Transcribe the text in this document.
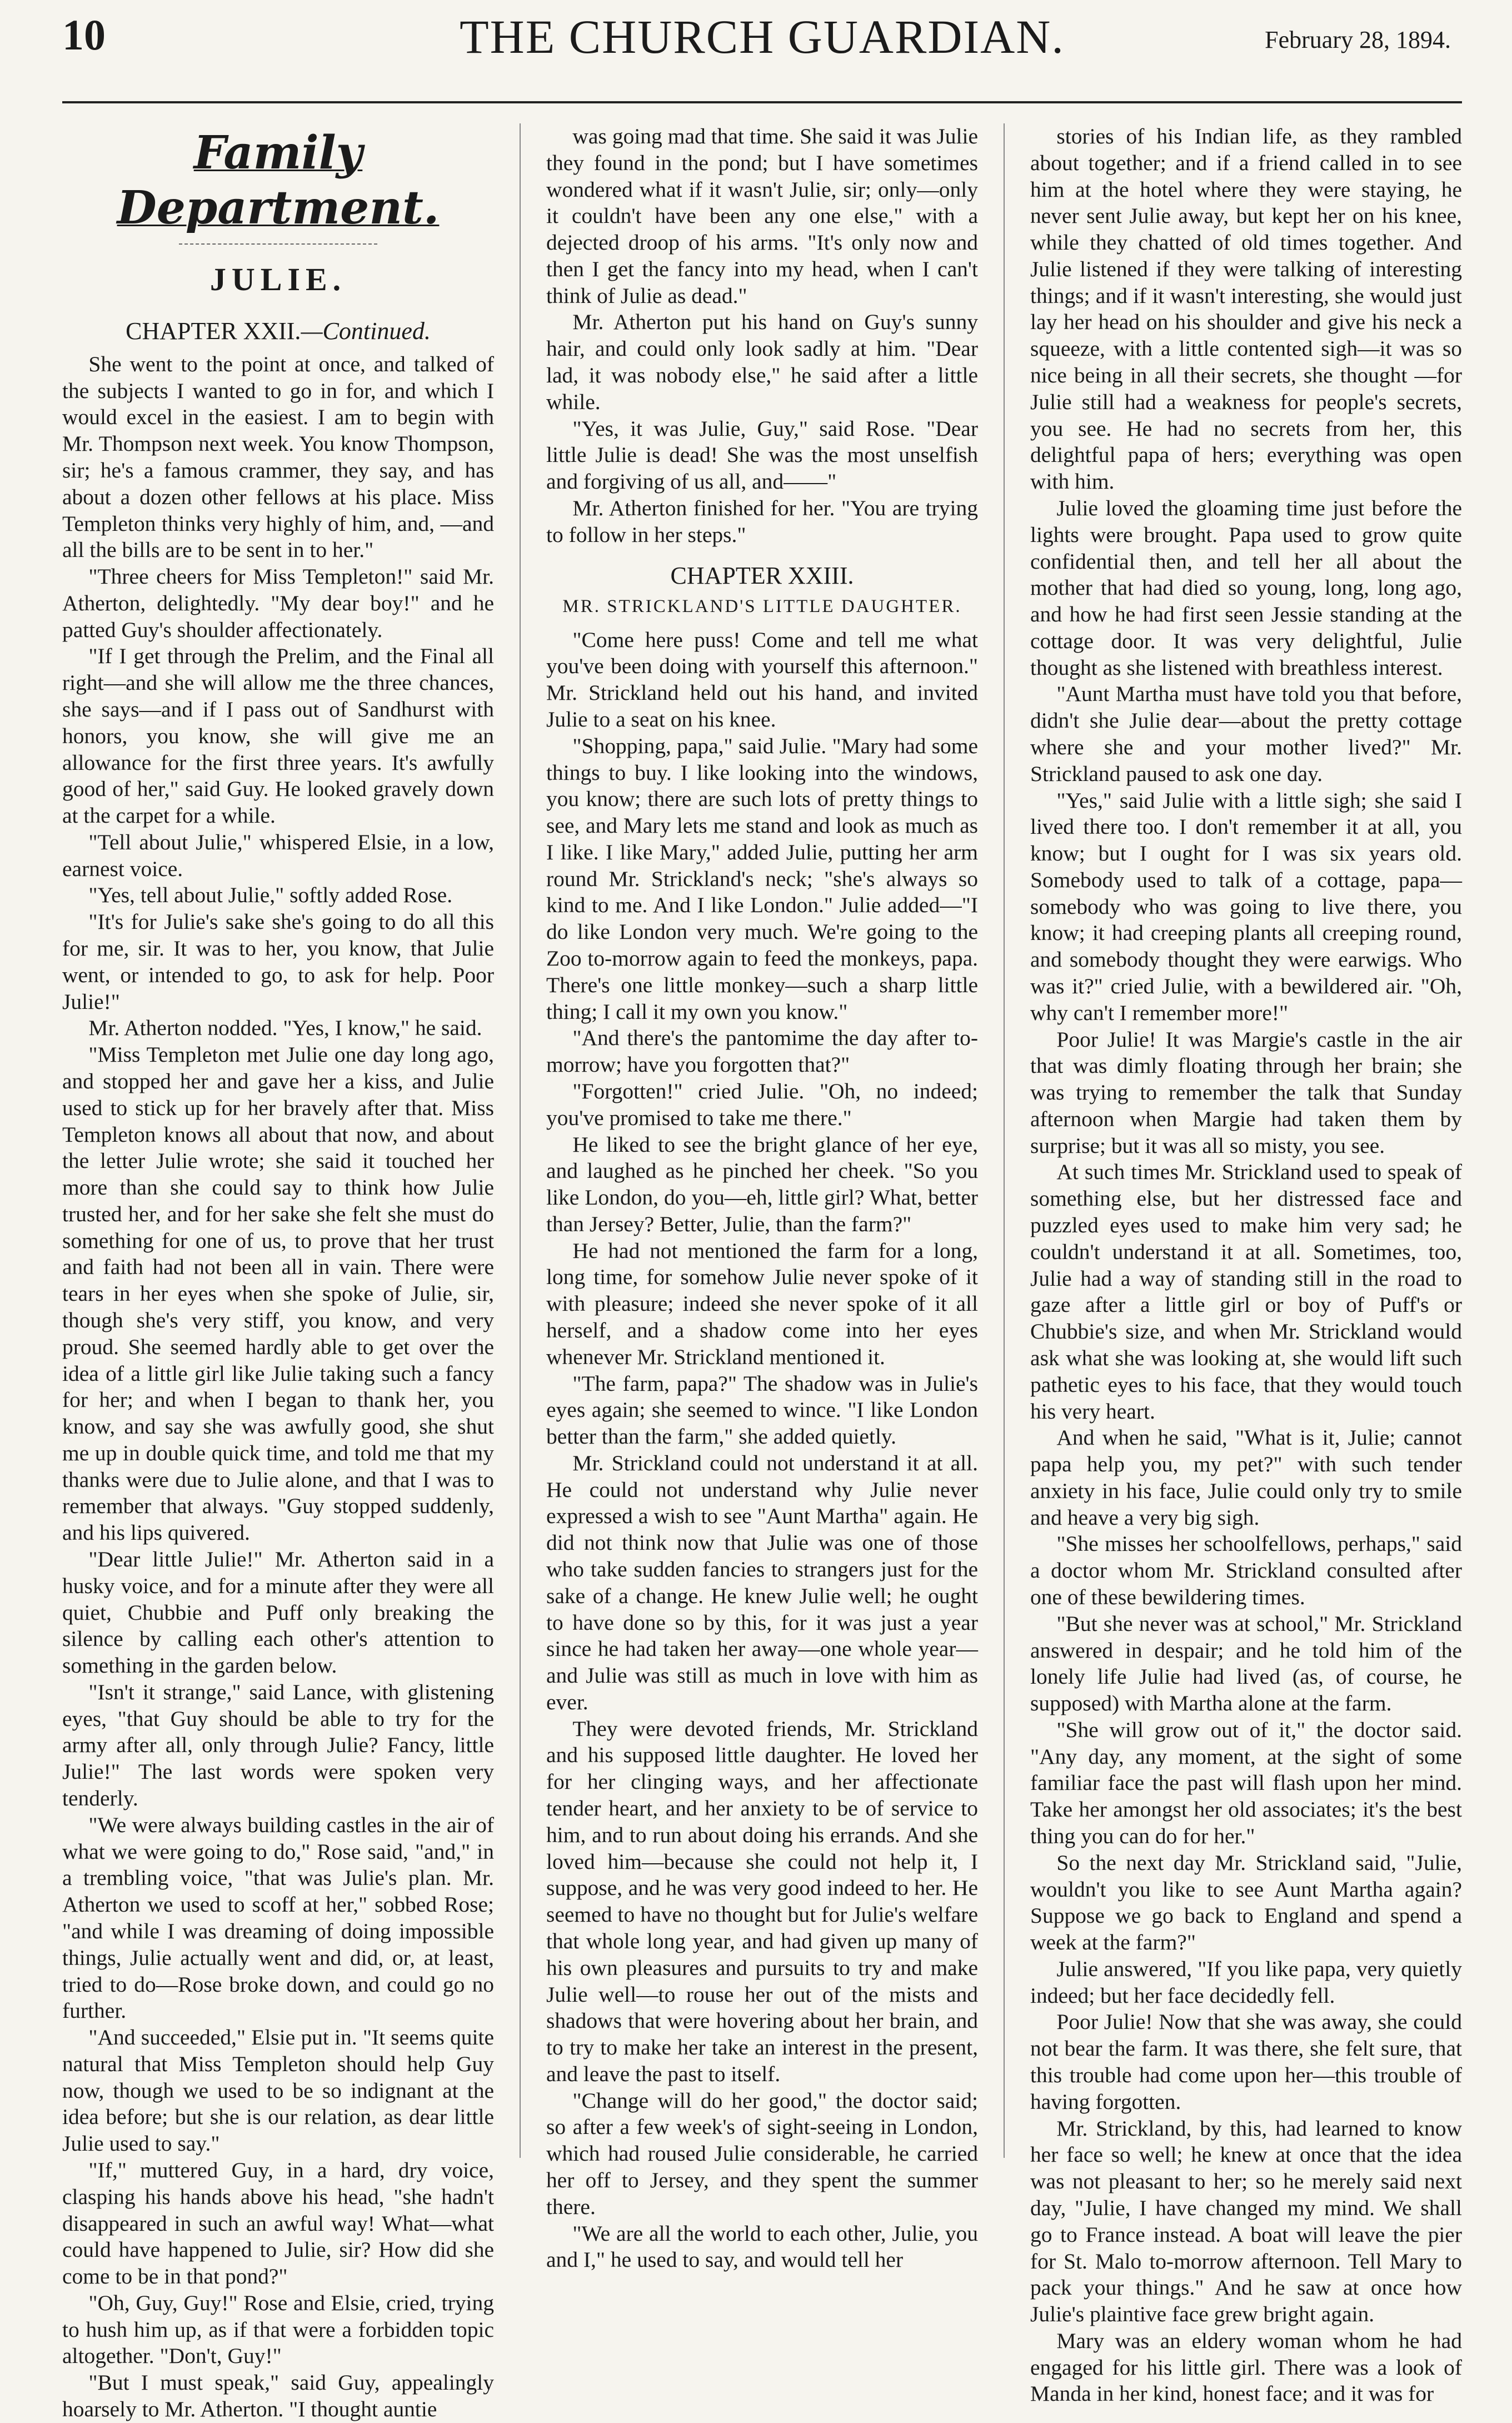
10	THE CHURCH GUARDIAN.	February 28, 1894.
Family Department.
JULIE.
CHAPTER XXII.—Continued.

She went to the point at once, and talked of the subjects I wanted to go in for, and which I would excel in the easiest. I am to begin with Mr. Thompson next week. You know Thompson, sir; he's a famous crammer, they say, and has about a dozen other fellows at his place. Miss Templeton thinks very highly of him, and, —and all the bills are to be sent in to her."

"Three cheers for Miss Templeton!" said Mr. Atherton, delightedly. "My dear boy!" and he patted Guy's shoulder affectionately.

"If I get through the Prelim, and the Final all right—and she will allow me the three chances, she says—and if I pass out of Sandhurst with honors, you know, she will give me an allowance for the first three years. It's awfully good of her," said Guy. He looked gravely down at the carpet for a while.

"Tell about Julie," whispered Elsie, in a low, earnest voice.

"Yes, tell about Julie," softly added Rose.

"It's for Julie's sake she's going to do all this for me, sir. It was to her, you know, that Julie went, or intended to go, to ask for help. Poor Julie!"

Mr. Atherton nodded. "Yes, I know," he said.

"Miss Templeton met Julie one day long ago, and stopped her and gave her a kiss, and Julie used to stick up for her bravely after that. Miss Templeton knows all about that now, and about the letter Julie wrote; she said it touched her more than she could say to think how Julie trusted her, and for her sake she felt she must do something for one of us, to prove that her trust and faith had not been all in vain. There were tears in her eyes when she spoke of Julie, sir, though she's very stiff, you know, and very proud. She seemed hardly able to get over the idea of a little girl like Julie taking such a fancy for her; and when I began to thank her, you know, and say she was awfully good, she shut me up in double quick time, and told me that my thanks were due to Julie alone, and that I was to remember that always. "Guy stopped suddenly, and his lips quivered.

"Dear little Julie!" Mr. Atherton said in a husky voice, and for a minute after they were all quiet, Chubbie and Puff only breaking the silence by calling each other's attention to something in the garden below.

"Isn't it strange," said Lance, with glistening eyes, "that Guy should be able to try for the army after all, only through Julie? Fancy, little Julie!" The last words were spoken very tenderly.

"We were always building castles in the air of what we were going to do," Rose said, "and," in a trembling voice, "that was Julie's plan. Mr. Atherton we used to scoff at her," sobbed Rose; "and while I was dreaming of doing impossible things, Julie actually went and did, or, at least, tried to do—Rose broke down, and could go no further.

"And succeeded," Elsie put in. "It seems quite natural that Miss Templeton should help Guy now, though we used to be so indignant at the idea before; but she is our relation, as dear little Julie used to say."

"If," muttered Guy, in a hard, dry voice, clasping his hands above his head, "she hadn't disappeared in such an awful way! What—what could have happened to Julie, sir? How did she come to be in that pond?"

"Oh, Guy, Guy!" Rose and Elsie, cried, trying to hush him up, as if that were a forbidden topic altogether. "Don't, Guy!"

"But I must speak," said Guy, appealingly hoarsely to Mr. Atherton. "I thought auntie

was going mad that time. She said it was Julie they found in the pond; but I have sometimes wondered what if it wasn't Julie, sir; only—only it couldn't have been any one else," with a dejected droop of his arms. "It's only now and then I get the fancy into my head, when I can't think of Julie as dead."

Mr. Atherton put his hand on Guy's sunny hair, and could only look sadly at him. "Dear lad, it was nobody else," he said after a little while.

"Yes, it was Julie, Guy," said Rose. "Dear little Julie is dead! She was the most unselfish and forgiving of us all, and——"

Mr. Atherton finished for her. "You are trying to follow in her steps."

CHAPTER XXIII.
MR. STRICKLAND'S LITTLE DAUGHTER.

"Come here puss! Come and tell me what you've been doing with yourself this afternoon." Mr. Strickland held out his hand, and invited Julie to a seat on his knee.

"Shopping, papa," said Julie. "Mary had some things to buy. I like looking into the windows, you know; there are such lots of pretty things to see, and Mary lets me stand and look as much as I like. I like Mary," added Julie, putting her arm round Mr. Strickland's neck; "she's always so kind to me. And I like London." Julie added—"I do like London very much. We're going to the Zoo to-morrow again to feed the monkeys, papa. There's one little monkey—such a sharp little thing; I call it my own you know."

"And there's the pantomime the day after to-morrow; have you forgotten that?"

"Forgotten!" cried Julie. "Oh, no indeed; you've promised to take me there."

He liked to see the bright glance of her eye, and laughed as he pinched her cheek. "So you like London, do you—eh, little girl? What, better than Jersey? Better, Julie, than the farm?"

He had not mentioned the farm for a long, long time, for somehow Julie never spoke of it with pleasure; indeed she never spoke of it all herself, and a shadow come into her eyes whenever Mr. Strickland mentioned it.

"The farm, papa?" The shadow was in Julie's eyes again; she seemed to wince. "I like London better than the farm," she added quietly.

Mr. Strickland could not understand it at all. He could not understand why Julie never expressed a wish to see "Aunt Martha" again. He did not think now that Julie was one of those who take sudden fancies to strangers just for the sake of a change. He knew Julie well; he ought to have done so by this, for it was just a year since he had taken her away—one whole year—and Julie was still as much in love with him as ever.

They were devoted friends, Mr. Strickland and his supposed little daughter. He loved her for her clinging ways, and her affectionate tender heart, and her anxiety to be of service to him, and to run about doing his errands. And she loved him—because she could not help it, I suppose, and he was very good indeed to her. He seemed to have no thought but for Julie's welfare that whole long year, and had given up many of his own pleasures and pursuits to try and make Julie well—to rouse her out of the mists and shadows that were hovering about her brain, and to try to make her take an interest in the present, and leave the past to itself.

"Change will do her good," the doctor said; so after a few week's of sight-seeing in London, which had roused Julie considerable, he carried her off to Jersey, and they spent the summer there.

"We are all the world to each other, Julie, you and I," he used to say, and would tell her

stories of his Indian life, as they rambled about together; and if a friend called in to see him at the hotel where they were staying, he never sent Julie away, but kept her on his knee, while they chatted of old times together. And Julie listened if they were talking of interesting things; and if it wasn't interesting, she would just lay her head on his shoulder and give his neck a squeeze, with a little contented sigh—it was so nice being in all their secrets, she thought —for Julie still had a weakness for people's secrets, you see. He had no secrets from her, this delightful papa of hers; everything was open with him.

Julie loved the gloaming time just before the lights were brought. Papa used to grow quite confidential then, and tell her all about the mother that had died so young, long, long ago, and how he had first seen Jessie standing at the cottage door. It was very delightful, Julie thought as she listened with breathless interest.

"Aunt Martha must have told you that before, didn't she Julie dear—about the pretty cottage where she and your mother lived?" Mr. Strickland paused to ask one day.

"Yes," said Julie with a little sigh; she said I lived there too. I don't remember it at all, you know; but I ought for I was six years old. Somebody used to talk of a cottage, papa—somebody who was going to live there, you know; it had creeping plants all creeping round, and somebody thought they were earwigs. Who was it?" cried Julie, with a bewildered air. "Oh, why can't I remember more!"

Poor Julie! It was Margie's castle in the air that was dimly floating through her brain; she was trying to remember the talk that Sunday afternoon when Margie had taken them by surprise; but it was all so misty, you see.

At such times Mr. Strickland used to speak of something else, but her distressed face and puzzled eyes used to make him very sad; he couldn't understand it at all. Sometimes, too, Julie had a way of standing still in the road to gaze after a little girl or boy of Puff's or Chubbie's size, and when Mr. Strickland would ask what she was looking at, she would lift such pathetic eyes to his face, that they would touch his very heart.

And when he said, "What is it, Julie; cannot papa help you, my pet?" with such tender anxiety in his face, Julie could only try to smile and heave a very big sigh.

"She misses her schoolfellows, perhaps," said a doctor whom Mr. Strickland consulted after one of these bewildering times.

"But she never was at school," Mr. Strickland answered in despair; and he told him of the lonely life Julie had lived (as, of course, he supposed) with Martha alone at the farm.

"She will grow out of it," the doctor said. "Any day, any moment, at the sight of some familiar face the past will flash upon her mind. Take her amongst her old associates; it's the best thing you can do for her."

So the next day Mr. Strickland said, "Julie, wouldn't you like to see Aunt Martha again? Suppose we go back to England and spend a week at the farm?"

Julie answered, "If you like papa, very quietly indeed; but her face decidedly fell.

Poor Julie! Now that she was away, she could not bear the farm. It was there, she felt sure, that this trouble had come upon her—this trouble of having forgotten.

Mr. Strickland, by this, had learned to know her face so well; he knew at once that the idea was not pleasant to her; so he merely said next day, "Julie, I have changed my mind. We shall go to France instead. A boat will leave the pier for St. Malo to-morrow afternoon. Tell Mary to pack your things." And he saw at once how Julie's plaintive face grew bright again.

Mary was an eldery woman whom he had engaged for his little girl. There was a look of Manda in her kind, honest face; and it was for
